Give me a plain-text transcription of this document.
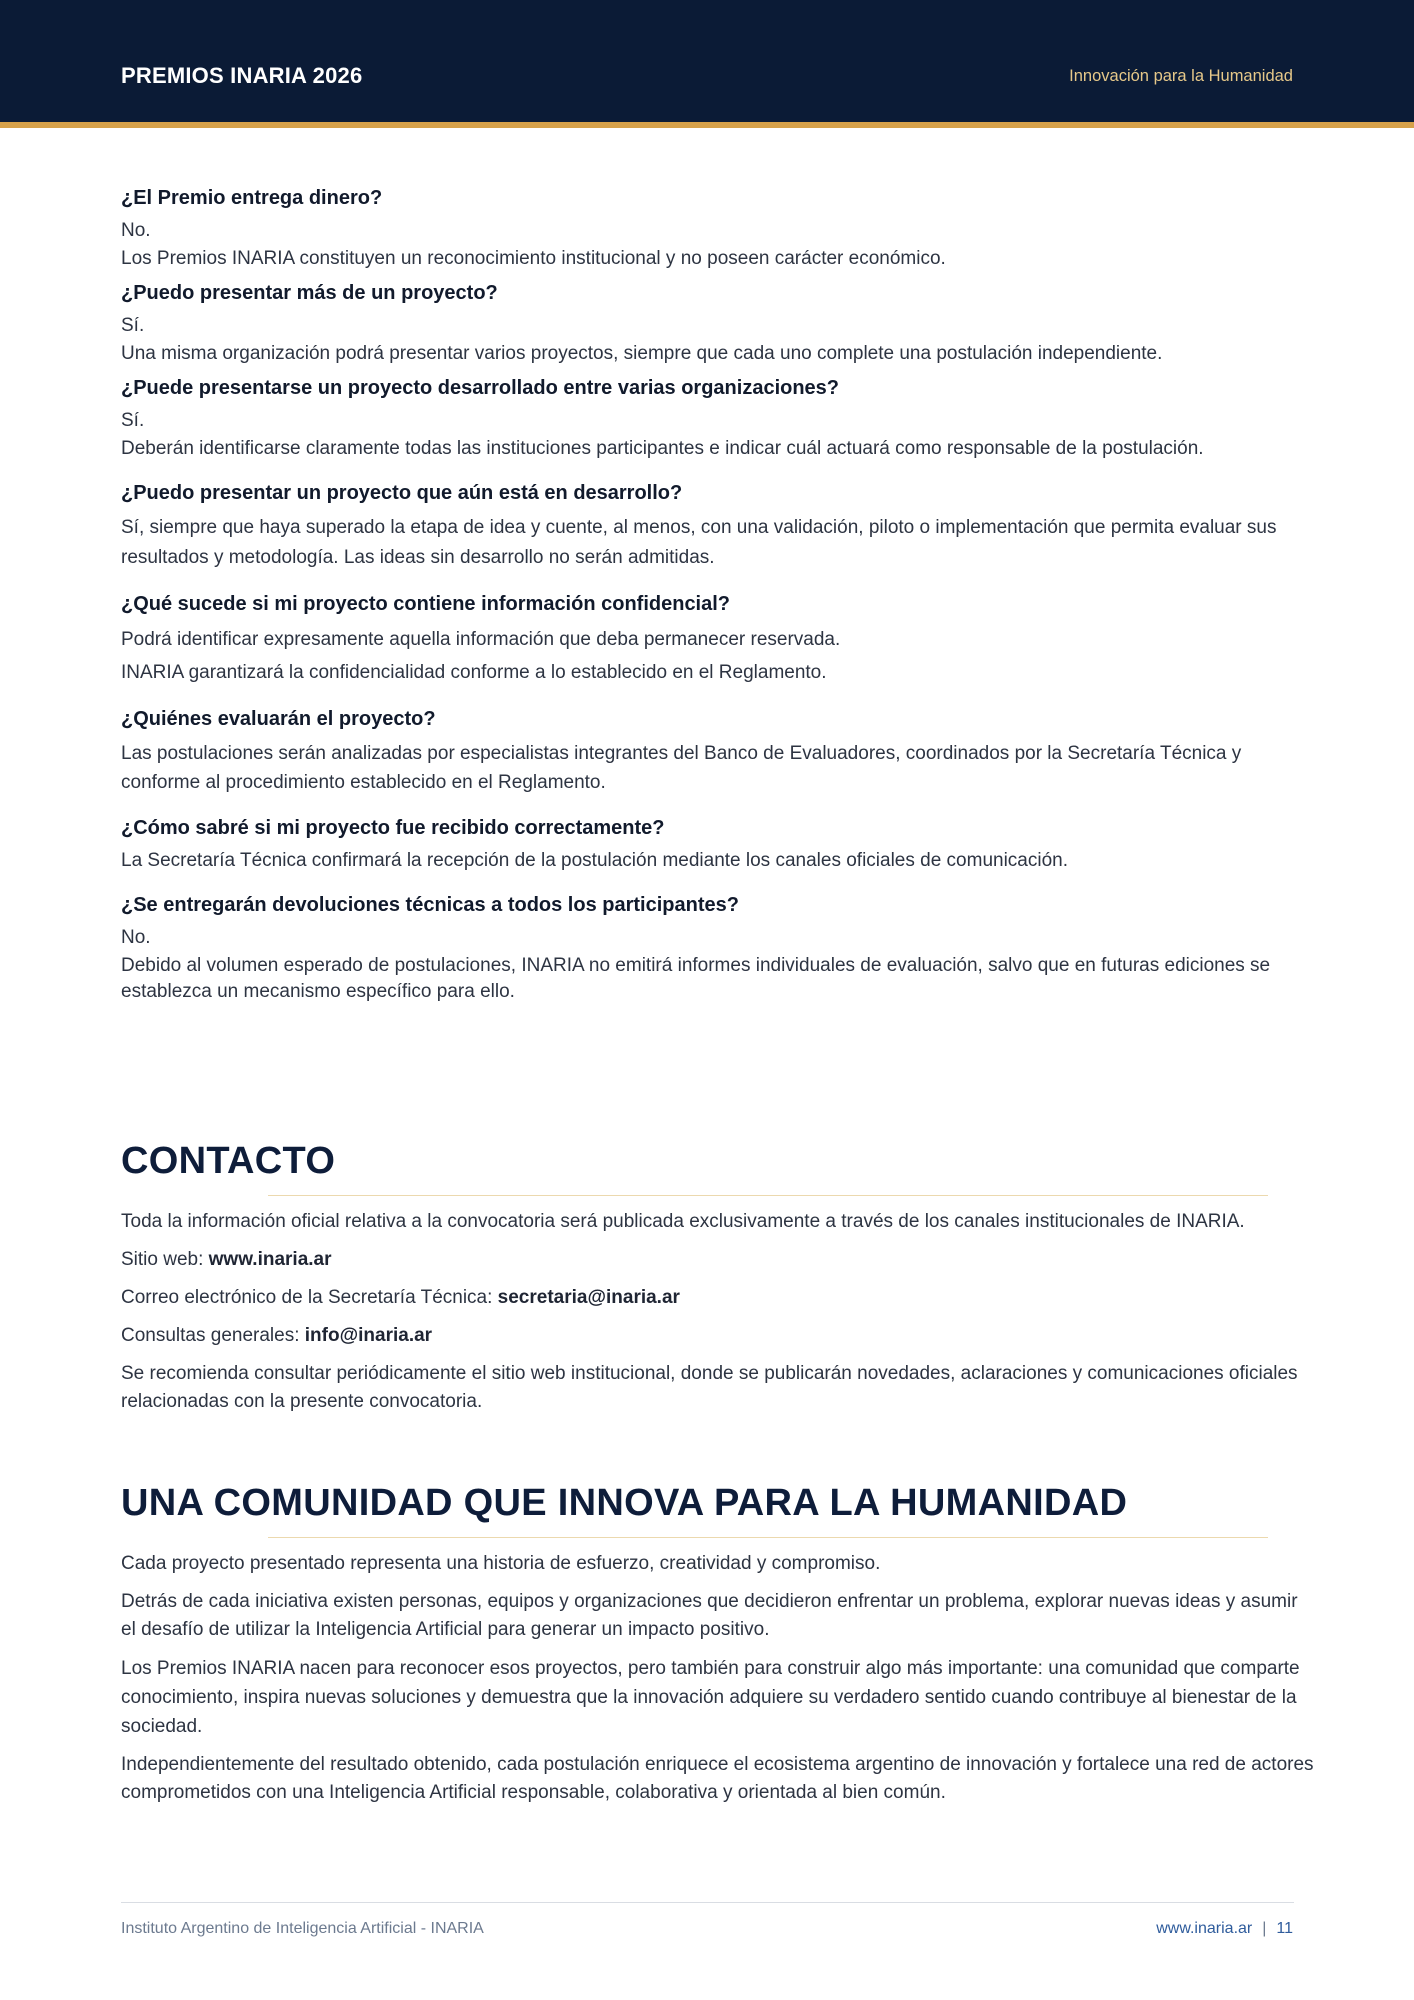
PREMIOS INARIA 2026	Innovación para la Humanidad
¿El Premio entrega dinero?

No.

Los Premios INARIA constituyen un reconocimiento institucional y no poseen carácter económico.

¿Puedo presentar más de un proyecto?

Sí.

Una misma organización podrá presentar varios proyectos, siempre que cada uno complete una postulación independiente.

¿Puede presentarse un proyecto desarrollado entre varias organizaciones?

Sí.

Deberán identificarse claramente todas las instituciones participantes e indicar cuál actuará como responsable de la postulación.

¿Puedo presentar un proyecto que aún está en desarrollo?

Sí, siempre que haya superado la etapa de idea y cuente, al menos, con una validación, piloto o implementación que permita evaluar sus resultados y metodología. Las ideas sin desarrollo no serán admitidas.

¿Qué sucede si mi proyecto contiene información confidencial?

Podrá identificar expresamente aquella información que deba permanecer reservada.

INARIA garantizará la confidencialidad conforme a lo establecido en el Reglamento.

¿Quiénes evaluarán el proyecto?

Las postulaciones serán analizadas por especialistas integrantes del Banco de Evaluadores, coordinados por la Secretaría Técnica y conforme al procedimiento establecido en el Reglamento.

¿Cómo sabré si mi proyecto fue recibido correctamente?

La Secretaría Técnica confirmará la recepción de la postulación mediante los canales oficiales de comunicación.

¿Se entregarán devoluciones técnicas a todos los participantes?

No.

Debido al volumen esperado de postulaciones, INARIA no emitirá informes individuales de evaluación, salvo que en futuras ediciones se establezca un mecanismo específico para ello.

CONTACTO

Toda la información oficial relativa a la convocatoria será publicada exclusivamente a través de los canales institucionales de INARIA.

Sitio web: www.inaria.ar

Correo electrónico de la Secretaría Técnica: secretaria@inaria.ar

Consultas generales: info@inaria.ar

Se recomienda consultar periódicamente el sitio web institucional, donde se publicarán novedades, aclaraciones y comunicaciones oficiales relacionadas con la presente convocatoria.

UNA COMUNIDAD QUE INNOVA PARA LA HUMANIDAD

Cada proyecto presentado representa una historia de esfuerzo, creatividad y compromiso.

Detrás de cada iniciativa existen personas, equipos y organizaciones que decidieron enfrentar un problema, explorar nuevas ideas y asumir el desafío de utilizar la Inteligencia Artificial para generar un impacto positivo.

Los Premios INARIA nacen para reconocer esos proyectos, pero también para construir algo más importante: una comunidad que comparte conocimiento, inspira nuevas soluciones y demuestra que la innovación adquiere su verdadero sentido cuando contribuye al bienestar de la sociedad.

Independientemente del resultado obtenido, cada postulación enriquece el ecosistema argentino de innovación y fortalece una red de actores comprometidos con una Inteligencia Artificial responsable, colaborativa y orientada al bien común.

Instituto Argentino de Inteligencia Artificial - INARIA	www.inaria.ar | 11
